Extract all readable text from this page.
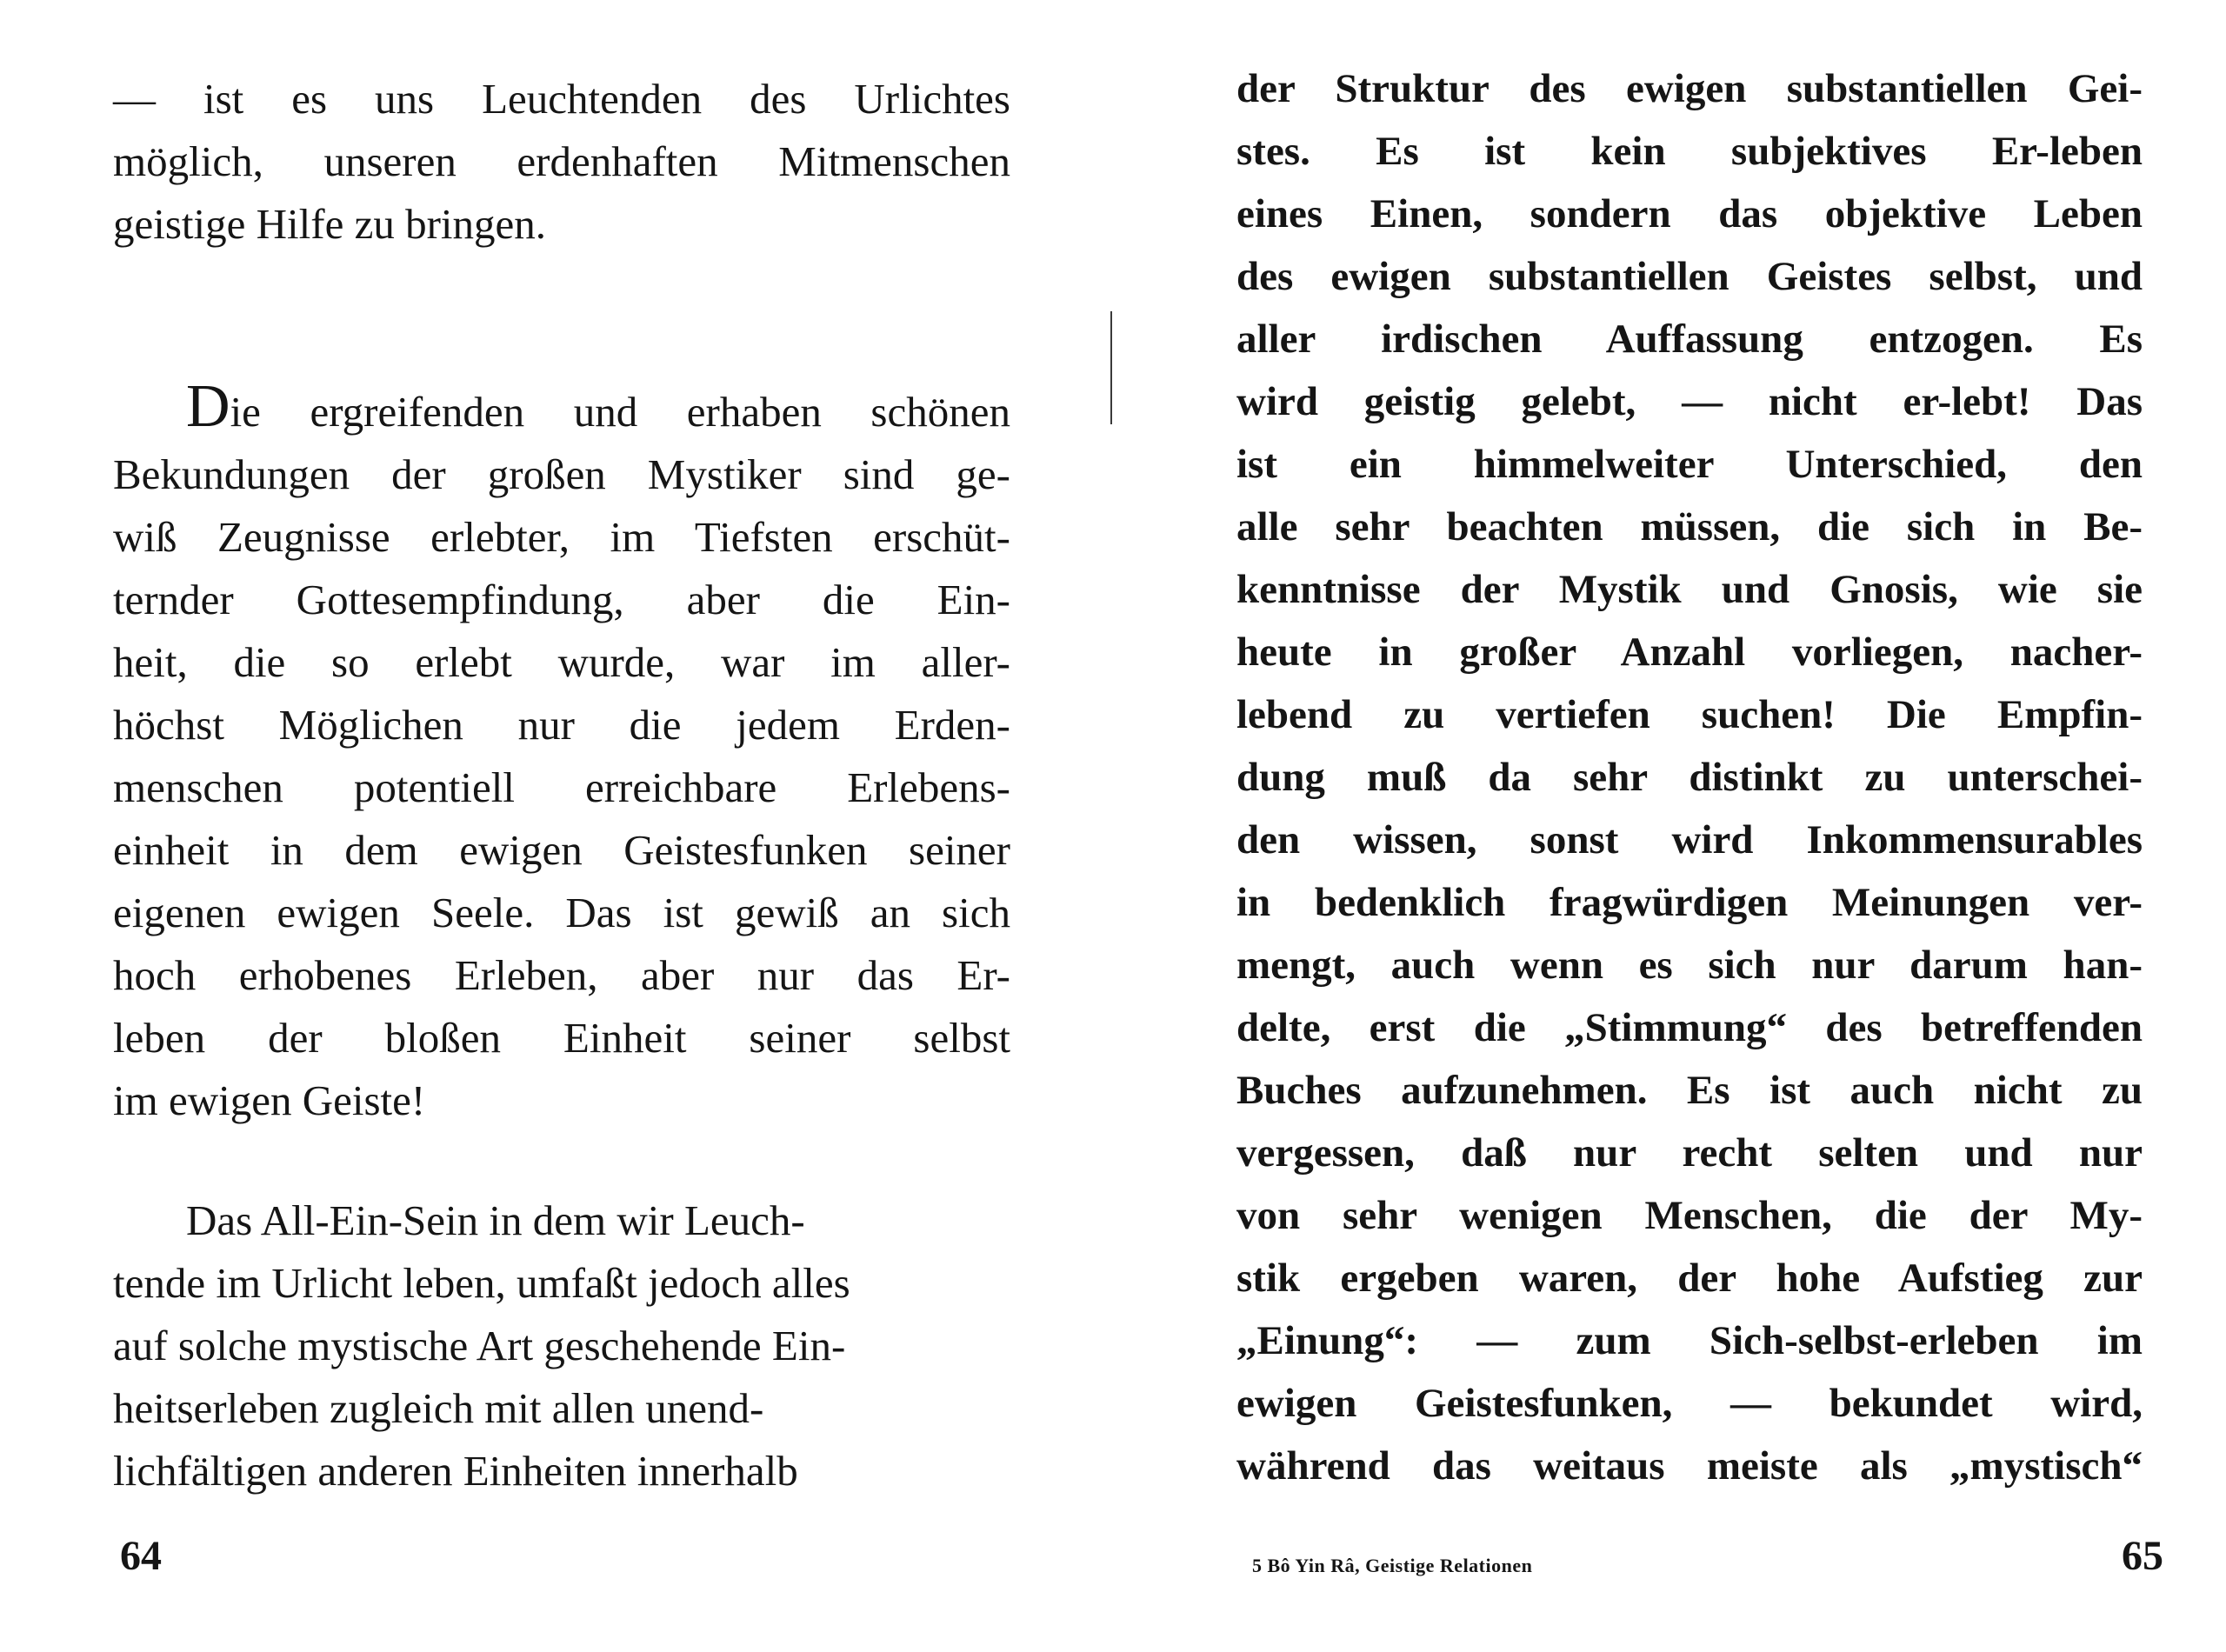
— ist es uns Leuchtenden des Urlichtes
möglich, unseren erdenhaften Mitmenschen
geistige Hilfe zu bringen.
Die ergreifenden und erhaben schönen
Bekundungen der großen Mystiker sind ge-
wiß Zeugnisse erlebter, im Tiefsten erschüt-
ternder Gottesempfindung, aber die Ein-
heit, die so erlebt wurde, war im aller-
höchst Möglichen nur die jedem Erden-
menschen potentiell erreichbare Erlebens-
einheit in dem ewigen Geistesfunken seiner
eigenen ewigen Seele. Das ist gewiß an sich
hoch erhobenes Erleben, aber nur das Er-
leben der bloßen Einheit seiner selbst
im ewigen Geiste!
Das All-Ein-Sein in dem wir Leuch-
tende im Urlicht leben, umfaßt jedoch alles
auf solche mystische Art geschehende Ein-
heitserleben zugleich mit allen unend-
lichfältigen anderen Einheiten innerhalb
64
der Struktur des ewigen substantiellen Gei-
stes. Es ist kein subjektives Er-leben
eines Einen, sondern das objektive Leben
des ewigen substantiellen Geistes selbst, und
aller irdischen Auffassung entzogen. Es
wird geistig gelebt, — nicht er-lebt! Das
ist ein himmelweiter Unterschied, den
alle sehr beachten müssen, die sich in Be-
kenntnisse der Mystik und Gnosis, wie sie
heute in großer Anzahl vorliegen, nacher-
lebend zu vertiefen suchen! Die Empfin-
dung muß da sehr distinkt zu unterschei-
den wissen, sonst wird Inkommensurables
in bedenklich fragwürdigen Meinungen ver-
mengt, auch wenn es sich nur darum han-
delte, erst die „Stimmung“ des betreffenden
Buches aufzunehmen. Es ist auch nicht zu
vergessen, daß nur recht selten und nur
von sehr wenigen Menschen, die der My-
stik ergeben waren, der hohe Aufstieg zur
„Einung“: — zum Sich-selbst-erleben im
ewigen Geistesfunken, — bekundet wird,
während das weitaus meiste als „mystisch“
5 Bô Yin Râ, Geistige Relationen	65
